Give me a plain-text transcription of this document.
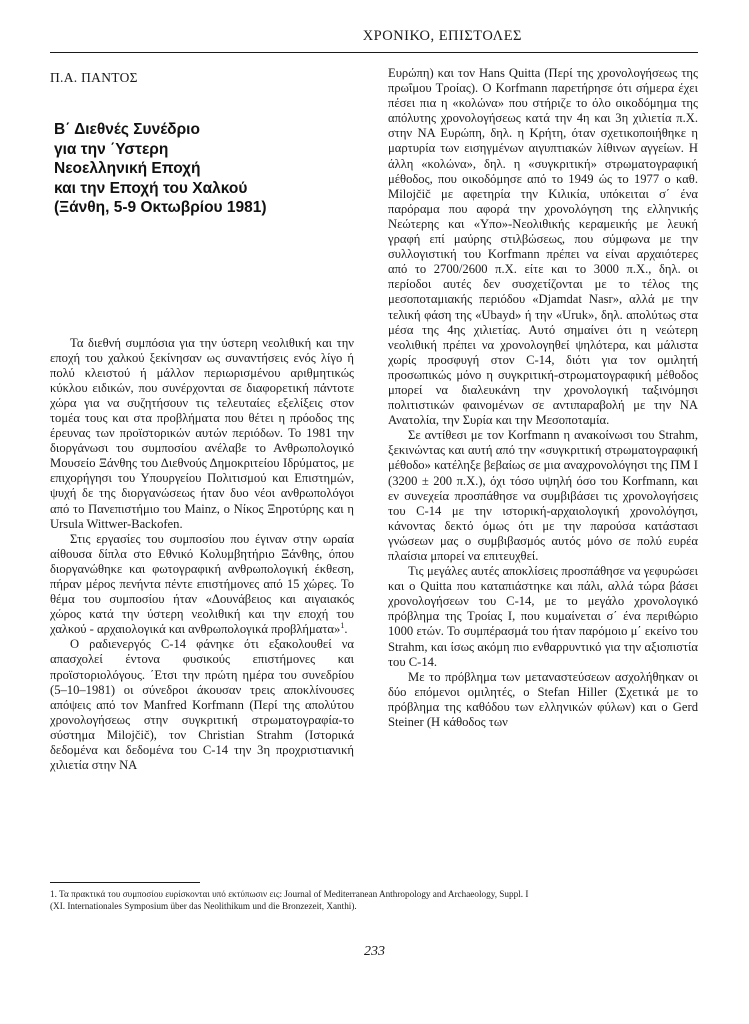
ΧΡΟΝΙΚΟ, ΕΠΙΣΤΟΛΕΣ
Π.Α. ΠΑΝΤΟΣ
Β΄ Διεθνές Συνέδριο
για την ΄Υστερη
Νεοελληνική Εποχή
και την Εποχή του Χαλκού
(Ξάνθη, 5-9 Οκτωβρίου 1981)

Τα διεθνή συμπόσια για την ύστερη νεολιθική και την εποχή του χαλκού ξεκίνησαν ως συναντήσεις ενός λίγο ή πολύ κλειστού ή μάλλον περιωρισμένου αριθμητικώς κύκλου ειδικών, που συνέρχονται σε διαφορετική πάντοτε χώρα για να συζητήσουν τις τελευταίες εξελίξεις στον τομέα τους και στα προβλήματα που θέτει η πρόοδος της έρευνας των προϊστορικών αυτών περιόδων. Το 1981 την διοργάνωσι του συμποσίου ανέλαβε το Ανθρωπολογικό Μουσείο Ξάνθης του Διεθνούς Δημοκριτείου Ιδρύματος, με επιχορήγησι του Υπουργείου Πολιτισμού και Επιστημών, ψυχή δε της διοργανώσεως ήταν δυο νέοι ανθρωπολόγοι από το Πανεπιστήμιο του Mainz, ο Νίκος Ξηροτύρης και η Ursula Wittwer-Backofen.

Στις εργασίες του συμποσίου που έγιναν στην ωραία αίθουσα δίπλα στο Εθνικό Κολυμβητήριο Ξάνθης, όπου διοργανώθηκε και φωτογραφική ανθρωπολογική έκθεση, πήραν μέρος πενήντα πέντε επιστήμονες από 15 χώρες. Το θέμα του συμποσίου ήταν «Δουνάβειος και αιγαιακός χώρος κατά την ύστερη νεολιθική και την εποχή του χαλκού - αρχαιολογικά και ανθρωπολογικά προβλήματα»$^1$.

Ο ραδιενεργός C-14 φάνηκε ότι εξακολουθεί να απασχολεί έντονα φυσικούς επιστήμονες και προϊστοριολόγους. ΄Ετσι την πρώτη ημέρα του συνεδρίου (5–10–1981) οι σύνεδροι άκουσαν τρεις αποκλίνουσες απόψεις από τον Manfred Korfmann (Περί της απολύτου χρονολογήσεως στην συγκριτική στρωματογραφία-το σύστημα Milojčič), τον Christian Strahm (Ιστορικά δεδομένα και δεδομένα του C-14 την 3η προχριστιανική χιλιετία στην ΝΑ

Ευρώπη) και τον Hans Quitta (Περί της χρονολογήσεως της πρωΐμου Τροίας). Ο Korfmann παρετήρησε ότι σήμερα έχει πέσει πια η «κολώνα» που στήριζε το όλο οικοδόμημα της απόλυτης χρονολογήσεως κατά την 4η και 3η χιλιετία π.Χ. στην ΝΑ Ευρώπη, δηλ. η Κρήτη, όταν σχετικοποιήθηκε η μαρτυρία των εισηγμένων αιγυπτιακών λίθινων αγγείων. Η άλλη «κολώνα», δηλ. η «συγκριτική» στρωματογραφική μέθοδος, που οικοδόμησε από το 1949 ώς το 1977 ο καθ. Milojčič με αφετηρία την Κιλικία, υπόκειται σ΄ ένα παρόραμα που αφορά την χρονολόγηση της ελληνικής Νεώτερης και «Υπο»-Νεολιθικής κεραμεικής με λευκή γραφή επί μαύρης στιλβώσεως, που σύμφωνα με την συλλογιστική του Korfmann πρέπει να είναι αρχαιότερες από το 2700/2600 π.Χ. είτε και το 3000 π.Χ., δηλ. οι περίοδοι αυτές δεν συσχετίζονται με το τέλος της μεσοποταμιακής περιόδου «Djamdat Nasr», αλλά με την τελική φάση της «Ubayd» ή την «Uruk», δηλ. απολύτως στα μέσα της 4ης χιλιετίας. Αυτό σημαίνει ότι η νεώτερη νεολιθική πρέπει να χρονολογηθεί ψηλότερα, και μάλιστα χωρίς προσφυγή στον C-14, διότι για τον ομιλητή προσωπικώς μόνο η συγκριτική-στρωματογραφική μέθοδος μπορεί να διαλευκάνη την χρονολογική ταξινόμησι πολιτιστικών φαινομένων σε αντιπαραβολή με την ΝΑ Ανατολία, την Συρία και την Μεσοποταμία.

Σε αντίθεσι με τον Korfmann η ανακοίνωσι του Strahm, ξεκινώντας και αυτή από την «συγκριτική στρωματογραφική μέθοδο» κατέληξε βεβαίως σε μια αναχρονολόγησι της ΠΜ Ι (3200 ± 200 π.Χ.), όχι τόσο υψηλή όσο του Korfmann, και εν συνεχεία προσπάθησε να συμβιβάσει τις χρονολογήσεις του C-14 με την ιστορική-αρχαιολογική χρονολόγησι, κάνοντας δεκτό όμως ότι με την παρούσα κατάστασι γνώσεων μας ο συμβιβασμός αυτός μόνο σε πολύ ευρέα πλαίσια μπορεί να επιτευχθεί.

Τις μεγάλες αυτές αποκλίσεις προσπάθησε να γεφυρώσει και ο Quitta που καταπιάστηκε και πάλι, αλλά τώρα βάσει χρονολογήσεων του C-14, με το μεγάλο χρονολογικό πρόβλημα της Τροίας Ι, που κυμαίνεται σ΄ ένα περιθώριο 1000 ετών. Το συμπέρασμά του ήταν παρόμοιο μ΄ εκείνο του Strahm, και ίσως ακόμη πιο ενθαρρυντικό για την αξιοπιστία του C-14.

Με το πρόβλημα των μεταναστεύσεων ασχολήθηκαν οι δύο επόμενοι ομιλητές, ο Stefan Hiller (Σχετικά με το πρόβλημα της καθόδου των ελληνικών φύλων) και ο Gerd Steiner (Η κάθοδος των

1. Τα πρακτικά του συμποσίου ευρίσκονται υπό εκτύπωσιν εις: Journal of Mediterranean Anthropology and Archaeology, Suppl. I (XI. Internationales Symposium über das Neolithikum und die Bronzezeit, Xanthi).
233
